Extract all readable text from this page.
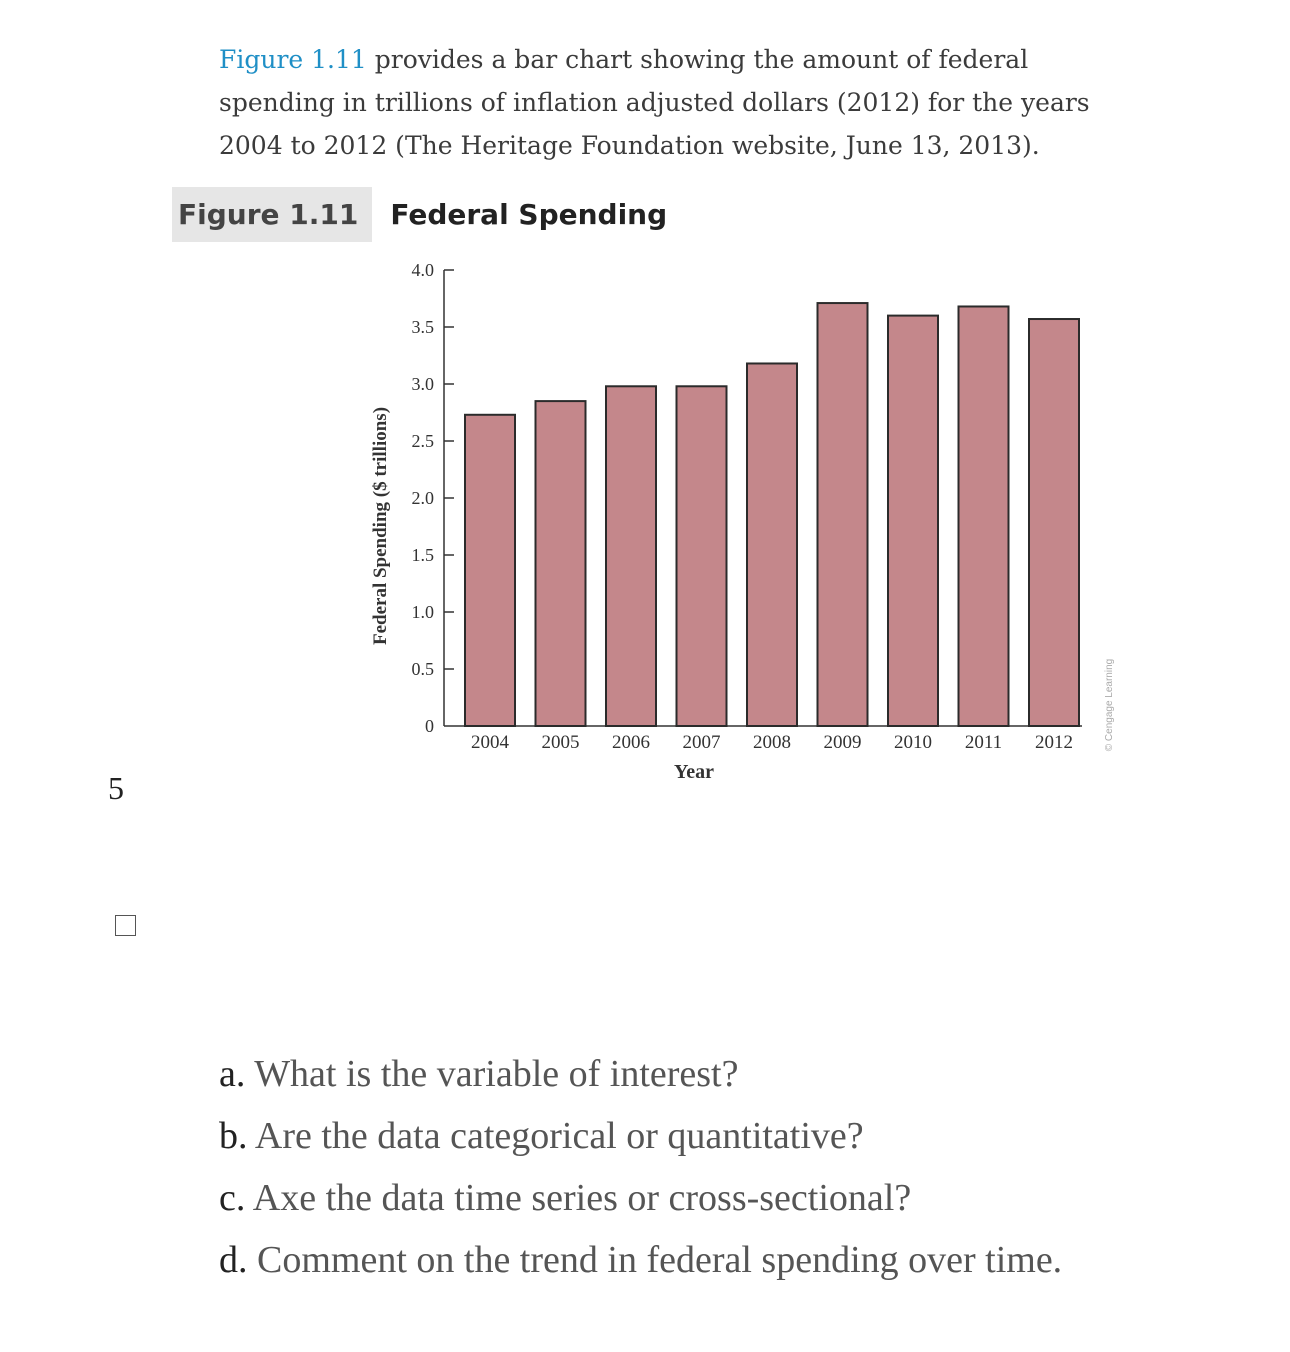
Figure 1.11 provides a bar chart showing the amount of federal spending in trillions of inflation adjusted dollars (2012) for the years 2004 to 2012 (The Heritage Foundation website, June 13, 2013).
Figure 1.11	Federal Spending
0
0.5
1.0
1.5
2.0
2.5
3.0
3.5
4.0
2004 2005 2006 2007 2008 2009 2010 2011 2012
Year
Federal Spending ($ trillions)
© Cengage Learning
5
a. What is the variable of interest?
b. Are the data categorical or quantitative?
c. Axe the data time series or cross-sectional?
d. Comment on the trend in federal spending over time.
